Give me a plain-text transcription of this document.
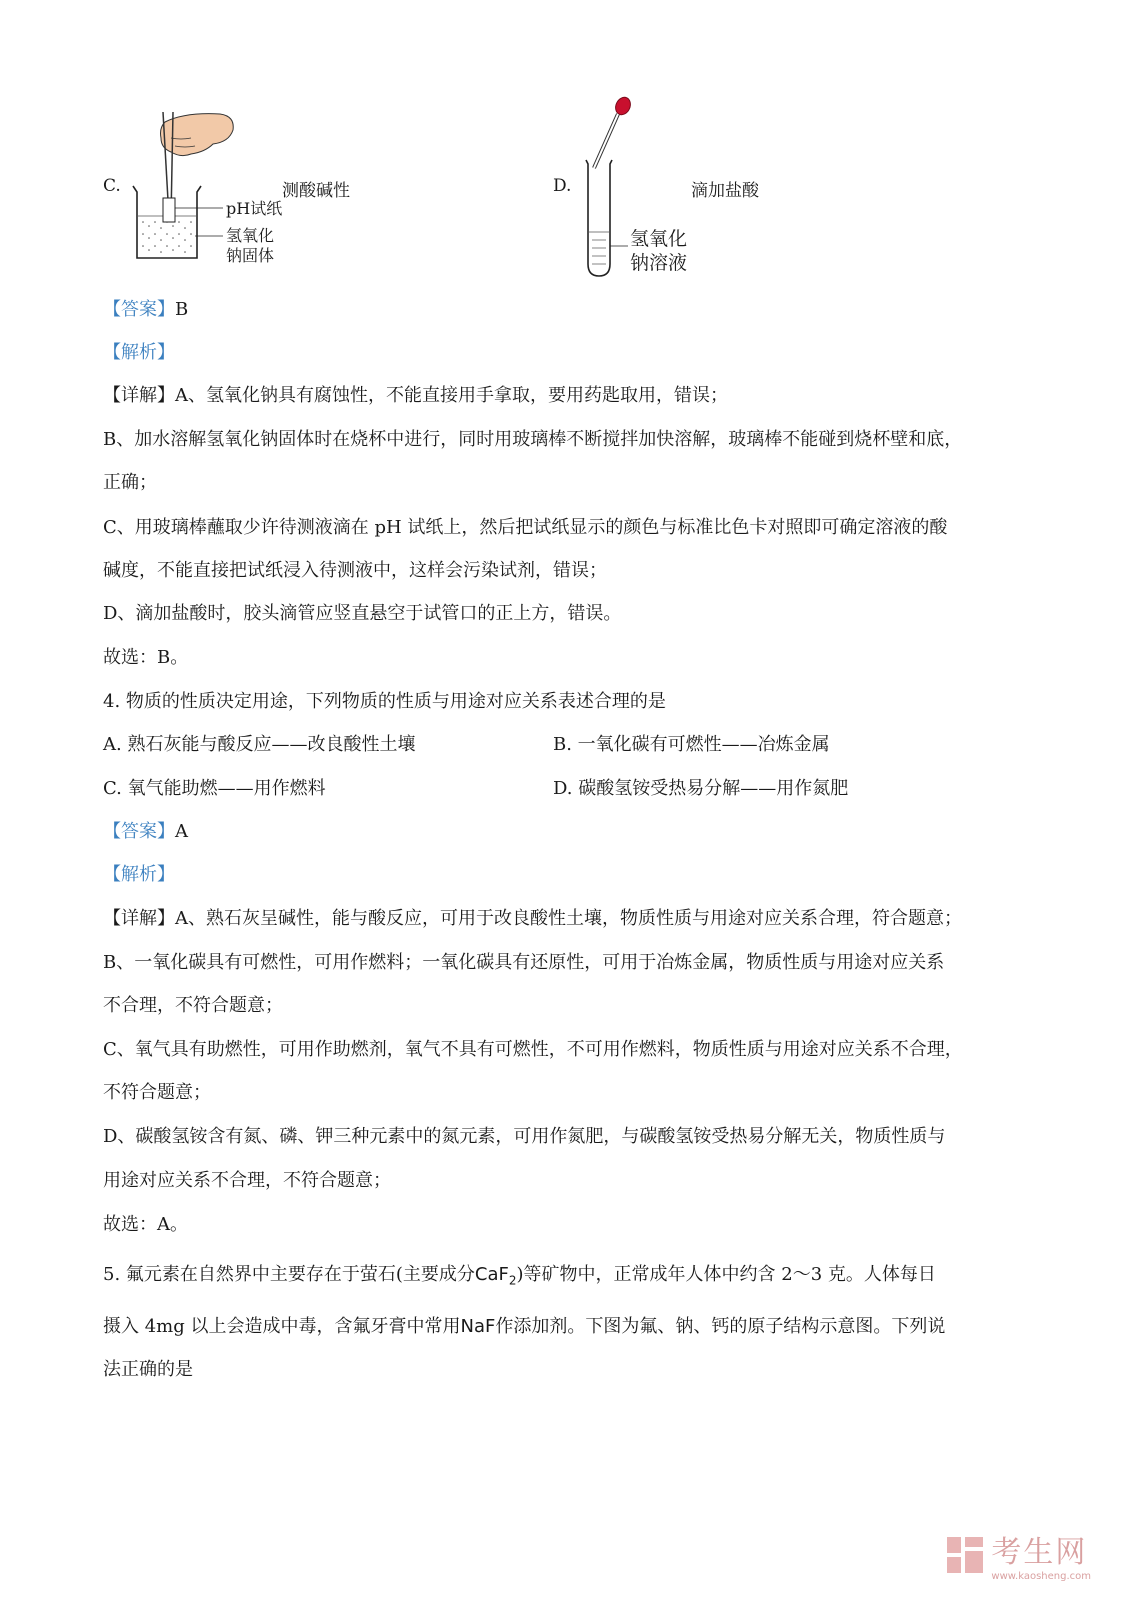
C.	测酸碱性
pH试纸
氢氧化
钠固体
D.	滴加盐酸
氢氧化
钠溶液
【答案】B
【解析】
【详解】A、氢氧化钠具有腐蚀性，不能直接用手拿取，要用药匙取用，错误；
B、加水溶解氢氧化钠固体时在烧杯中进行，同时用玻璃棒不断搅拌加快溶解，玻璃棒不能碰到烧杯壁和底，
正确；
C、用玻璃棒蘸取少许待测液滴在 pH 试纸上，然后把试纸显示的颜色与标准比色卡对照即可确定溶液的酸
碱度，不能直接把试纸浸入待测液中，这样会污染试剂，错误；
D、滴加盐酸时，胶头滴管应竖直悬空于试管口的正上方，错误。
故选：B。
4. 物质的性质决定用途，下列物质的性质与用途对应关系表述合理的是
A. 熟石灰能与酸反应——改良酸性土壤	B. 一氧化碳有可燃性——冶炼金属
C. 氧气能助燃——用作燃料	D. 碳酸氢铵受热易分解——用作氮肥
【答案】A
【解析】
【详解】A、熟石灰呈碱性，能与酸反应，可用于改良酸性土壤，物质性质与用途对应关系合理，符合题意；
B、一氧化碳具有可燃性，可用作燃料；一氧化碳具有还原性，可用于冶炼金属，物质性质与用途对应关系
不合理，不符合题意；
C、氧气具有助燃性，可用作助燃剂，氧气不具有可燃性，不可用作燃料，物质性质与用途对应关系不合理，
不符合题意；
D、碳酸氢铵含有氮、磷、钾三种元素中的氮元素，可用作氮肥，与碳酸氢铵受热易分解无关，物质性质与
用途对应关系不合理，不符合题意；
故选：A。
5. 氟元素在自然界中主要存在于萤石(主要成分CaF$_2$)等矿物中，正常成年人体中约含 2～3 克。人体每日
摄入 4mg 以上会造成中毒，含氟牙膏中常用NaF作添加剂。下图为氟、钠、钙的原子结构示意图。下列说
法正确的是
考生网
www.kaosheng.com
